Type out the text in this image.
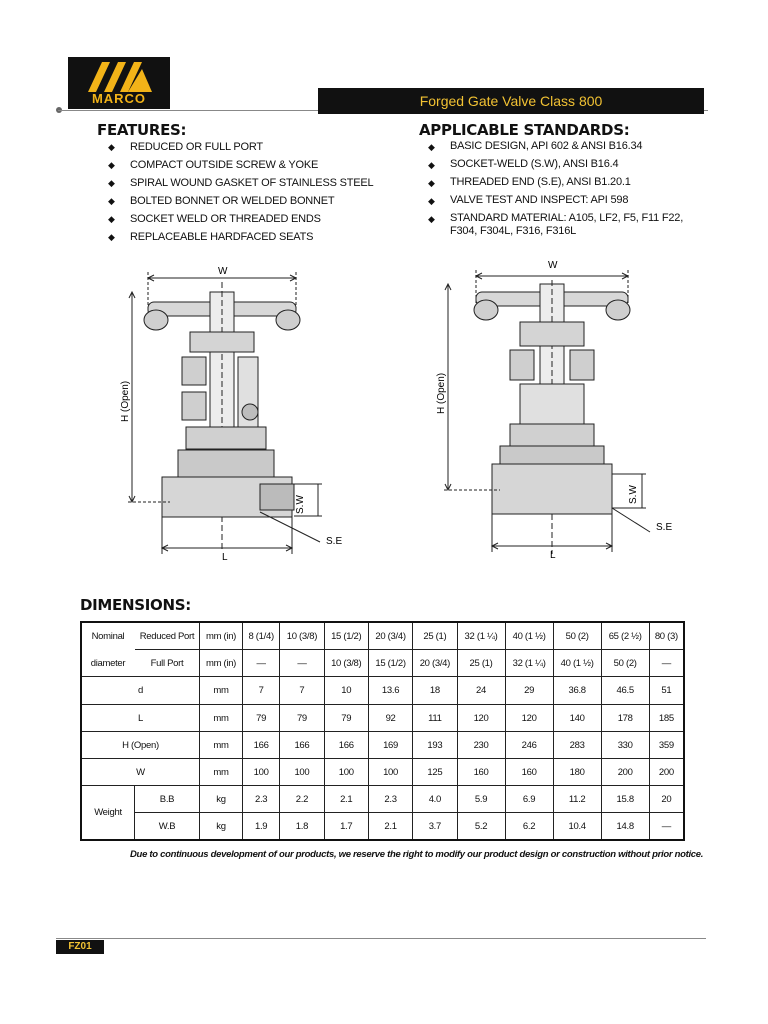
MARCO	Forged Gate Valve Class 800
FEATURES:
◆	REDUCED OR FULL PORT
◆	COMPACT OUTSIDE SCREW & YOKE
◆	SPIRAL WOUND GASKET OF STAINLESS STEEL
◆	BOLTED BONNET OR WELDED BONNET
◆	SOCKET WELD OR THREADED ENDS
◆	REPLACEABLE HARDFACED SEATS
APPLICABLE STANDARDS:
◆	BASIC DESIGN, API 602 & ANSI B16.34
◆	SOCKET-WELD (S.W), ANSI B16.4
◆	THREADED END (S.E), ANSI B1.20.1
◆	VALVE TEST AND INSPECT: API 598
◆	STANDARD MATERIAL: A105, LF2, F5, F11 F22, F304, F304L, F316, F316L
W
H (Open)
S.W
S.E
L
W
H (Open)
S.W
S.E
L
DIMENSIONS:
Nominal	Reduced Port	mm (in)	8 (1/4)	10 (3/8)	15 (1/2)	20 (3/4)	25 (1)	32 (1 ¼)	40 (1 ½)	50 (2)	65 (2 ½)	80 (3)
diameter	Full Port	mm (in)	—	—	10 (3/8)	15 (1/2)	20 (3/4)	25 (1)	32 (1 ¼)	40 (1 ½)	50 (2)	—
d		mm	7	7	10	13.6	18	24	29	36.8	46.5	51
L		mm	79	79	79	92	111	120	120	140	178	185
H (Open)		mm	166	166	166	169	193	230	246	283	330	359
W		mm	100	100	100	100	125	160	160	180	200	200
Weight	B.B	kg	2.3	2.2	2.1	2.3	4.0	5.9	6.9	11.2	15.8	20
	W.B	kg	1.9	1.8	1.7	2.1	3.7	5.2	6.2	10.4	14.8	—
Due to continuous development of our products, we reserve the right to modify our product design or construction without prior notice.
FZ01
